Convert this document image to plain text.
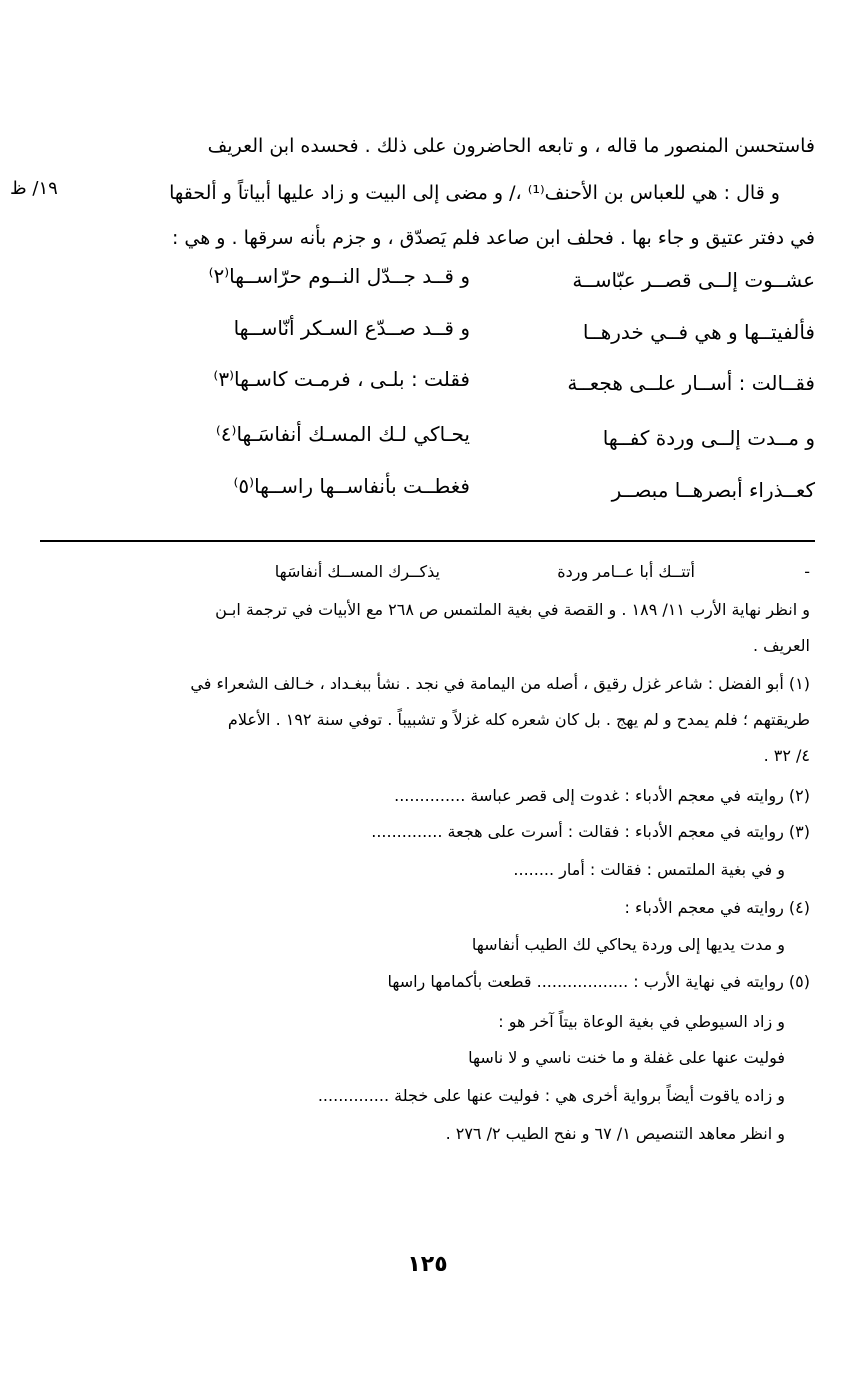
فاستحسن المنصور ما قاله ، و تابعه الحاضرون على ذلك . فحسده ابن العريف

و قال : هي للعباس بن الأحنف⁽¹⁾ ،/ و مضى إلى البيت و زاد عليها أبياتاً و ألحقها

١٩/ ظ

في دفتر عتيق و جاء بها . فحلف ابن صاعد فلم يَصدّق ، و جزم بأنه سرقها . و هي :

عشــوت إلــى قصــر عبّاســة

و قــد جــدّل النــوم حرّاســها⁽٢⁾

فألفيتــها و هي فــي خدرهــا

و قــد صــدّع السـكر أنّاســها

فقــالت : أســار علــى هجعــة

فقلت : بلـى ، فرمـت كاسـها⁽٣⁾

و مــدت إلــى وردة كفــها

يحـاكي لـك المسـك أنفاسَـها⁽٤⁾

كعــذراء أبصرهــا مبصــر

فغطــت بأنفاســها راســها⁽٥⁾

-
أتتــك أبا عــامر وردة
يذكــرك المســك أنفاسَها

و انظر نهاية الأرب ١١/ ١٨٩ . و القصة في بغية الملتمس ص ٢٦٨ مع الأبيات في ترجمة ابـن

العريف .

(١) أبو الفضل : شاعر غزل رقيق ، أصله من اليمامة في نجد . نشأ ببغـداد ، خـالف الشعراء في

طريقتهم ؛ فلم يمدح و لم يهج . بل كان شعره كله غزلاً و تشبيباً . توفي سنة ١٩٢ . الأعلام

٤/ ٣٢ .

(٢) روايته في معجم الأدباء : غدوت إلى قصر عباسة ..............

(٣) روايته في معجم الأدباء : فقالت : أسرت على هجعة ..............

و في بغية الملتمس : فقالت : أمار ........

(٤) روايته في معجم الأدباء :

و مدت يديها إلى وردة يحاكي لك الطيب أنفاسها

(٥) روايته في نهاية الأرب : .................. قطعت بأكمامها راسها

و زاد السيوطي في بغية الوعاة بيتاً آخر هو :

فوليت عنها على غفلة و ما خنت ناسي و لا ناسها

و زاده ياقوت أيضاً برواية أخرى هي : فوليت عنها على خجلة ..............

و انظر معاهد التنصيص ١/ ٦٧ و نفح الطيب ٢/ ٢٧٦ .

١٢٥
